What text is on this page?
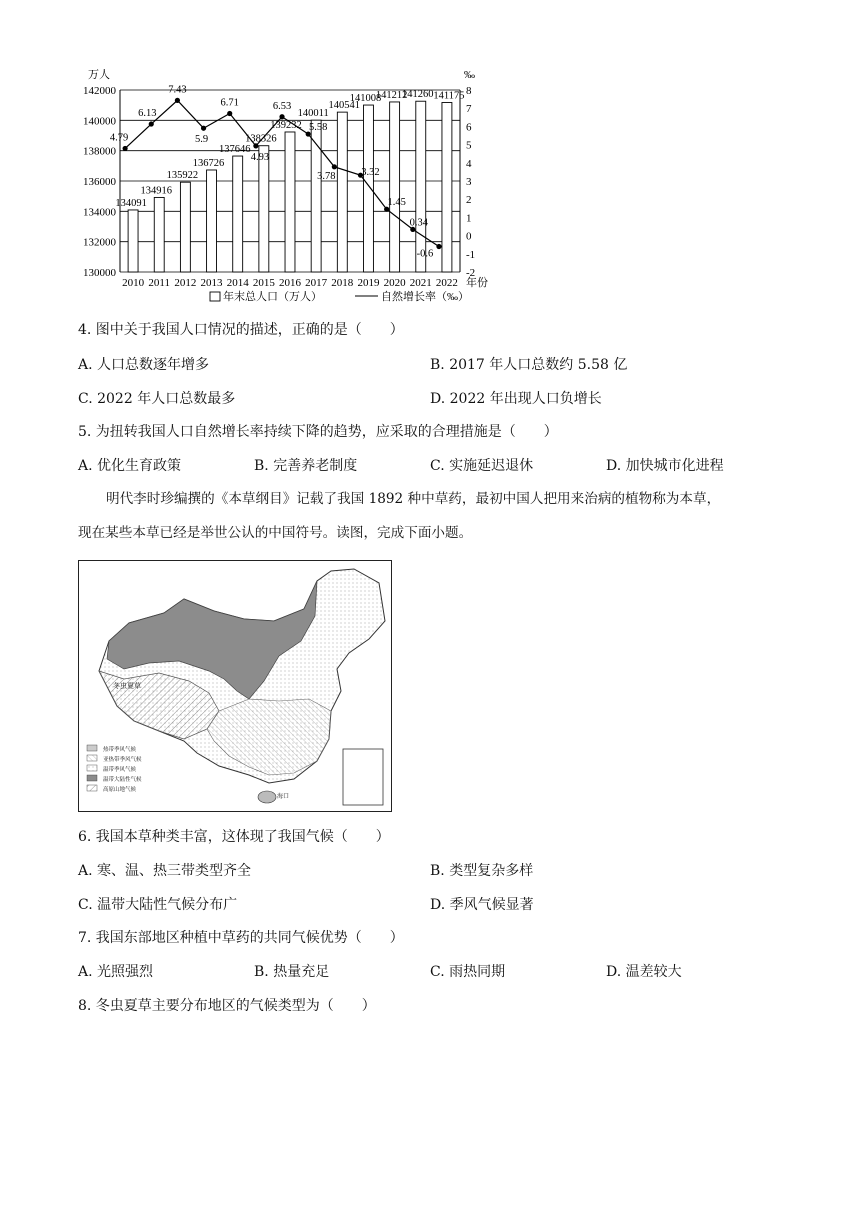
130000
132000
134000
136000
138000
140000
142000
-2
-1
0
1
2
3
4
5
6
7
8
万人	‰
134091
134916
135922
136726
137646
138326
139232
140011
140541
141008
141212
141260 141175
4.79
6.13
7.43
5.9
6.71
4.93
6.53
5.58
3.78 3.32
1.45
0.34
-0.6
2010 2011 2012 2013 2014 2015 2016 2017 2018 2019 2020 2021 2022 年份
年末总人口（万人）	自然增长率（‰）
4. 图中关于我国人口情况的描述，正确的是（　　）
A. 人口总数逐年增多	B. 2017 年人口总数约 5.58 亿
C. 2022 年人口总数最多	D. 2022 年出现人口负增长
5. 为扭转我国人口自然增长率持续下降的趋势，应采取的合理措施是（　　）
A. 优化生育政策	B. 完善养老制度	C. 实施延迟退休	D. 加快城市化进程
明代李时珍编撰的《本草纲目》记载了我国 1892 种中草药，最初中国人把用来治病的植物称为本草，
现在某些本草已经是举世公认的中国符号。读图，完成下面小题。
热带季风气候
亚热带季风气候
温带季风气候
温带大陆性气候
高原山地气候
冬虫夏草
海口
6. 我国本草种类丰富，这体现了我国气候（　　）
A. 寒、温、热三带类型齐全	B. 类型复杂多样
C. 温带大陆性气候分布广	D. 季风气候显著
7. 我国东部地区种植中草药的共同气候优势（　　）
A. 光照强烈	B. 热量充足	C. 雨热同期	D. 温差较大
8. 冬虫夏草主要分布地区的气候类型为（　　）
